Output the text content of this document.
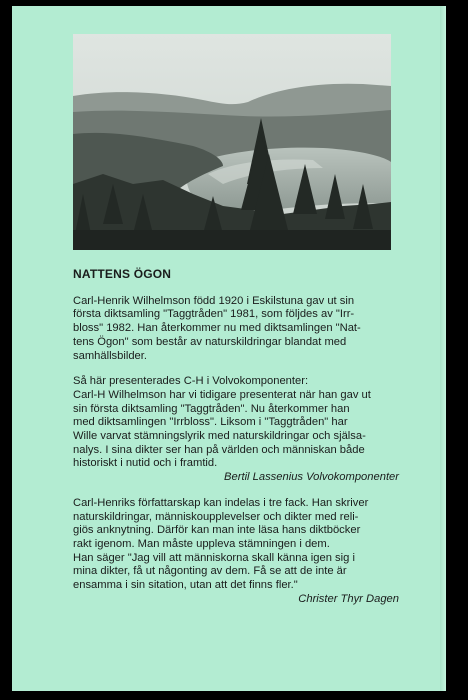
NATTENS ÖGON
Carl-Henrik Wilhelmson född 1920 i Eskilstuna gav ut sin
första diktsamling "Taggtråden" 1981, som följdes av "Irr-
bloss" 1982. Han återkommer nu med diktsamlingen "Nat-
tens Ögon" som består av naturskildringar blandat med
samhällsbilder.
Så här presenterades C-H i Volvokomponenter:
Carl-H Wilhelmson har vi tidigare presenterat när han gav ut
sin första diktsamling "Taggtråden". Nu återkommer han
med diktsamlingen "Irrbloss". Liksom i "Taggtråden" har
Wille varvat stämningslyrik med naturskildringar och själsa-
nalys. I sina dikter ser han på världen och människan både
historiskt i nutid och i framtid.
Bertil Lassenius Volvokomponenter
Carl-Henriks författarskap kan indelas i tre fack. Han skriver
naturskildringar, människoupplevelser och dikter med reli-
giös anknytning. Därför kan man inte läsa hans diktböcker
rakt igenom. Man måste uppleva stämningen i dem.
Han säger "Jag vill att människorna skall känna igen sig i
mina dikter, få ut någonting av dem. Få se att de inte är
ensamma i sin sitation, utan att det finns fler."
Christer Thyr Dagen
